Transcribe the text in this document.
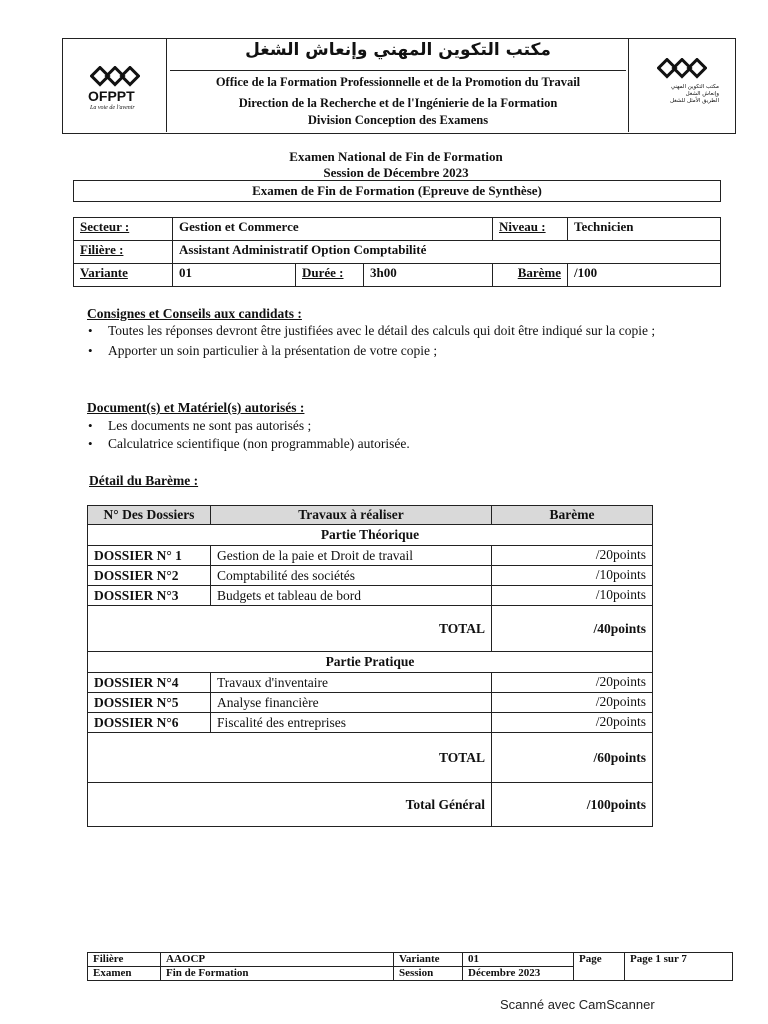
OFPPT
La voie de l'avenir
مكتب التكوين المهني
وإنعاش الشغل
الطريق الأمثل للشغل
مكتب التكوين المهني وإنعاش الشغل
Office de la Formation Professionnelle et de la Promotion du Travail
Direction de la Recherche et de l'Ingénierie de la Formation
Division Conception des Examens
Examen National de Fin de Formation
Session de Décembre 2023
Examen de Fin de Formation (Epreuve de Synthèse)
Secteur :	Gestion et Commerce			Niveau :	Technicien
Filière :	Assistant Administratif Option Comptabilité				
Variante	01	Durée :	3h00	Barème	/100
Consignes et Conseils aux candidats :
• Toutes les réponses devront être justifiées avec le détail des calculs qui doit être indiqué sur la copie ;
• Apporter un soin particulier à la présentation de votre copie ;
Document(s) et Matériel(s) autorisés :
• Les documents ne sont pas autorisés ;
• Calculatrice scientifique (non programmable) autorisée.
Détail du Barème :
N° Des Dossiers	Travaux à réaliser	Barème
Partie Théorique		
DOSSIER N° 1	Gestion de la paie et Droit de travail	/20points
DOSSIER N°2	Comptabilité des sociétés	/10points
DOSSIER N°3	Budgets et tableau de bord	/10points
TOTAL		/40points
Partie Pratique		
DOSSIER N°4	Travaux d'inventaire	/20points
DOSSIER N°5	Analyse financière	/20points
DOSSIER N°6	Fiscalité des entreprises	/20points
TOTAL		/60points
Total Général		/100points
Filière	AAOCP	Variante	01	Page	Page 1 sur 7
Examen	Fin de Formation	Session	Décembre 2023		
Scanné avec CamScanner
